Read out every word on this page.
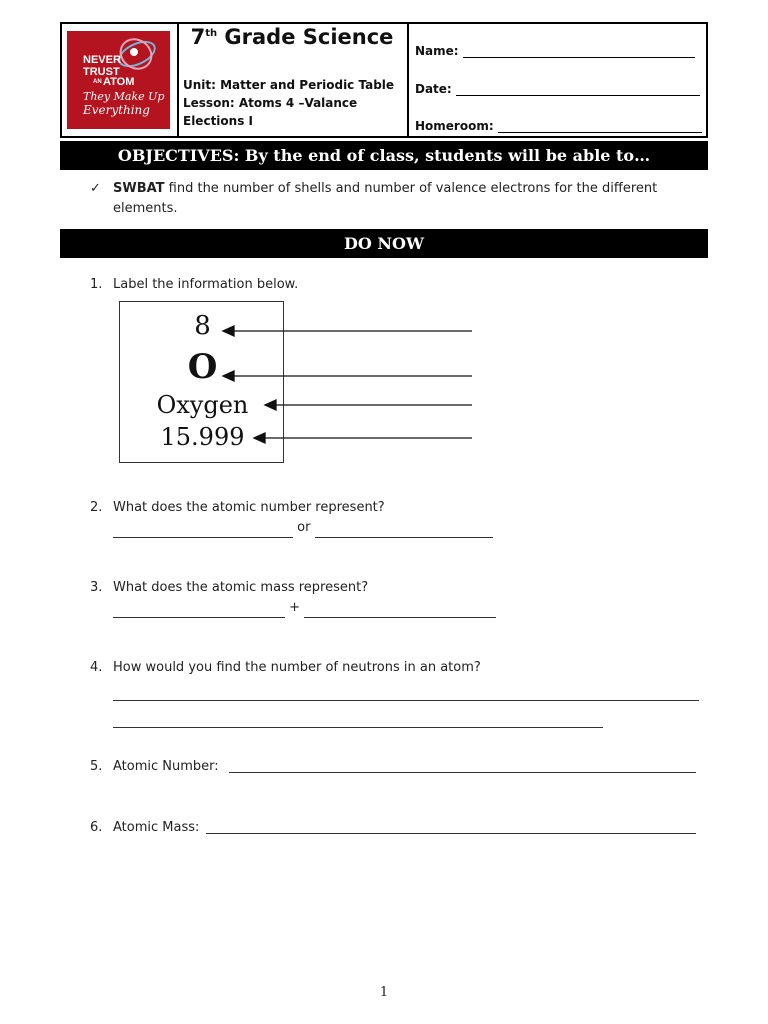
NEVER
TRUST
AN ATOM
They Make Up
Everything
7th Grade Science
Unit: Matter and Periodic Table
Lesson: Atoms 4 –Valance Elections I
Name:
Date:
Homeroom:
OBJECTIVES: By the end of class, students will be able to…
✓ SWBAT find the number of shells and number of valence electrons for the different elements.
DO NOW
1. Label the information below.
8
O
Oxygen
15.999
2. What does the atomic number represent?
or
3. What does the atomic mass represent?
+
4. How would you find the number of neutrons in an atom?
5. Atomic Number:
6. Atomic Mass:
1
